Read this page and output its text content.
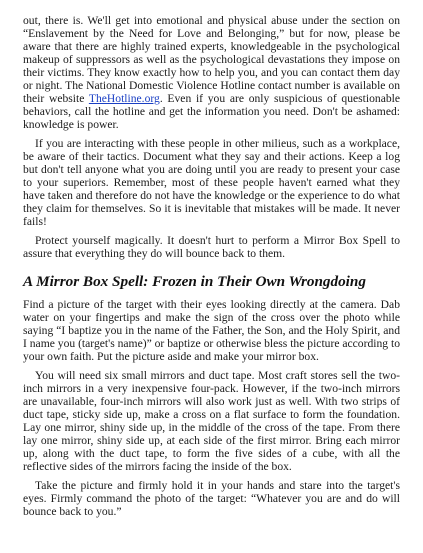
out, there is. We'll get into emotional and physical abuse under the section on “Enslavement by the Need for Love and Belonging,” but for now, please be aware that there are highly trained experts, knowledgeable in the psychological makeup of suppressors as well as the psychological devastations they impose on their victims. They know exactly how to help you, and you can contact them day or night. The National Domestic Violence Hotline contact number is available on their website TheHotline.org. Even if you are only suspicious of questionable behaviors, call the hotline and get the information you need. Don't be ashamed: knowledge is power.

If you are interacting with these people in other milieus, such as a workplace, be aware of their tactics. Document what they say and their actions. Keep a log but don't tell anyone what you are doing until you are ready to present your case to your superiors. Remember, most of these people haven't earned what they have taken and therefore do not have the knowledge or the experience to do what they claim for themselves. So it is inevitable that mistakes will be made. It never fails!

Protect yourself magically. It doesn't hurt to perform a Mirror Box Spell to assure that everything they do will bounce back to them.

A Mirror Box Spell: Frozen in Their Own Wrongdoing

Find a picture of the target with their eyes looking directly at the camera. Dab water on your fingertips and make the sign of the cross over the photo while saying “I baptize you in the name of the Father, the Son, and the Holy Spirit, and I name you (target's name)” or baptize or otherwise bless the picture according to your own faith. Put the picture aside and make your mirror box.

You will need six small mirrors and duct tape. Most craft stores sell the two-inch mirrors in a very inexpensive four-pack. However, if the two-inch mirrors are unavailable, four-inch mirrors will also work just as well. With two strips of duct tape, sticky side up, make a cross on a flat surface to form the foundation. Lay one mirror, shiny side up, in the middle of the cross of the tape. From there lay one mirror, shiny side up, at each side of the first mirror. Bring each mirror up, along with the duct tape, to form the five sides of a cube, with all the reflective sides of the mirrors facing the inside of the box.

Take the picture and firmly hold it in your hands and stare into the target's eyes. Firmly command the photo of the target: “Whatever you are and do will bounce back to you.”
